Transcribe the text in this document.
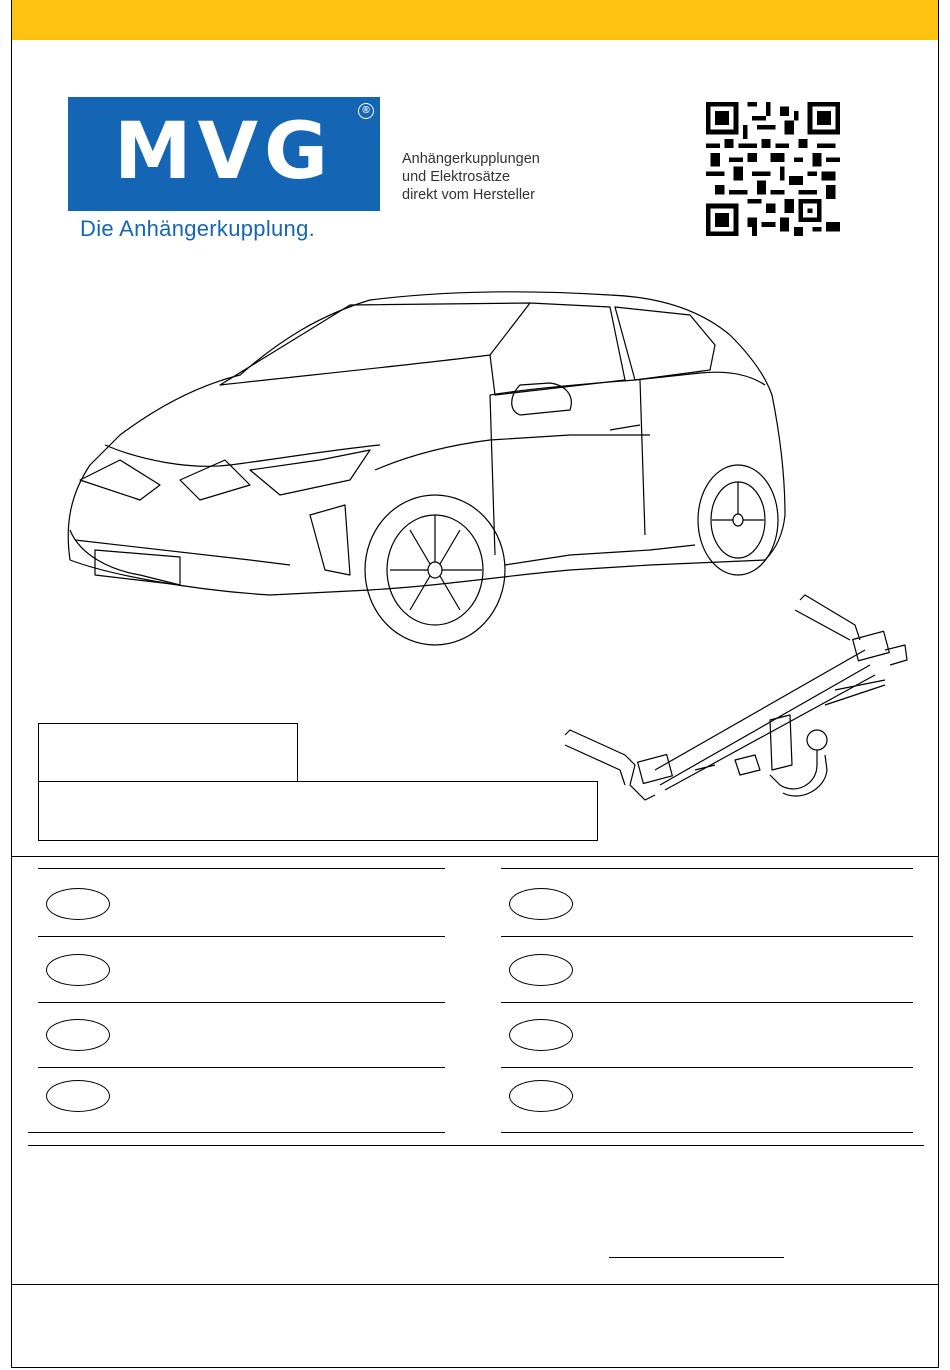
MVG	®
Die Anhängerkupplung.
Anhängerkupplungen
und Elektrosätze
direkt vom Hersteller
